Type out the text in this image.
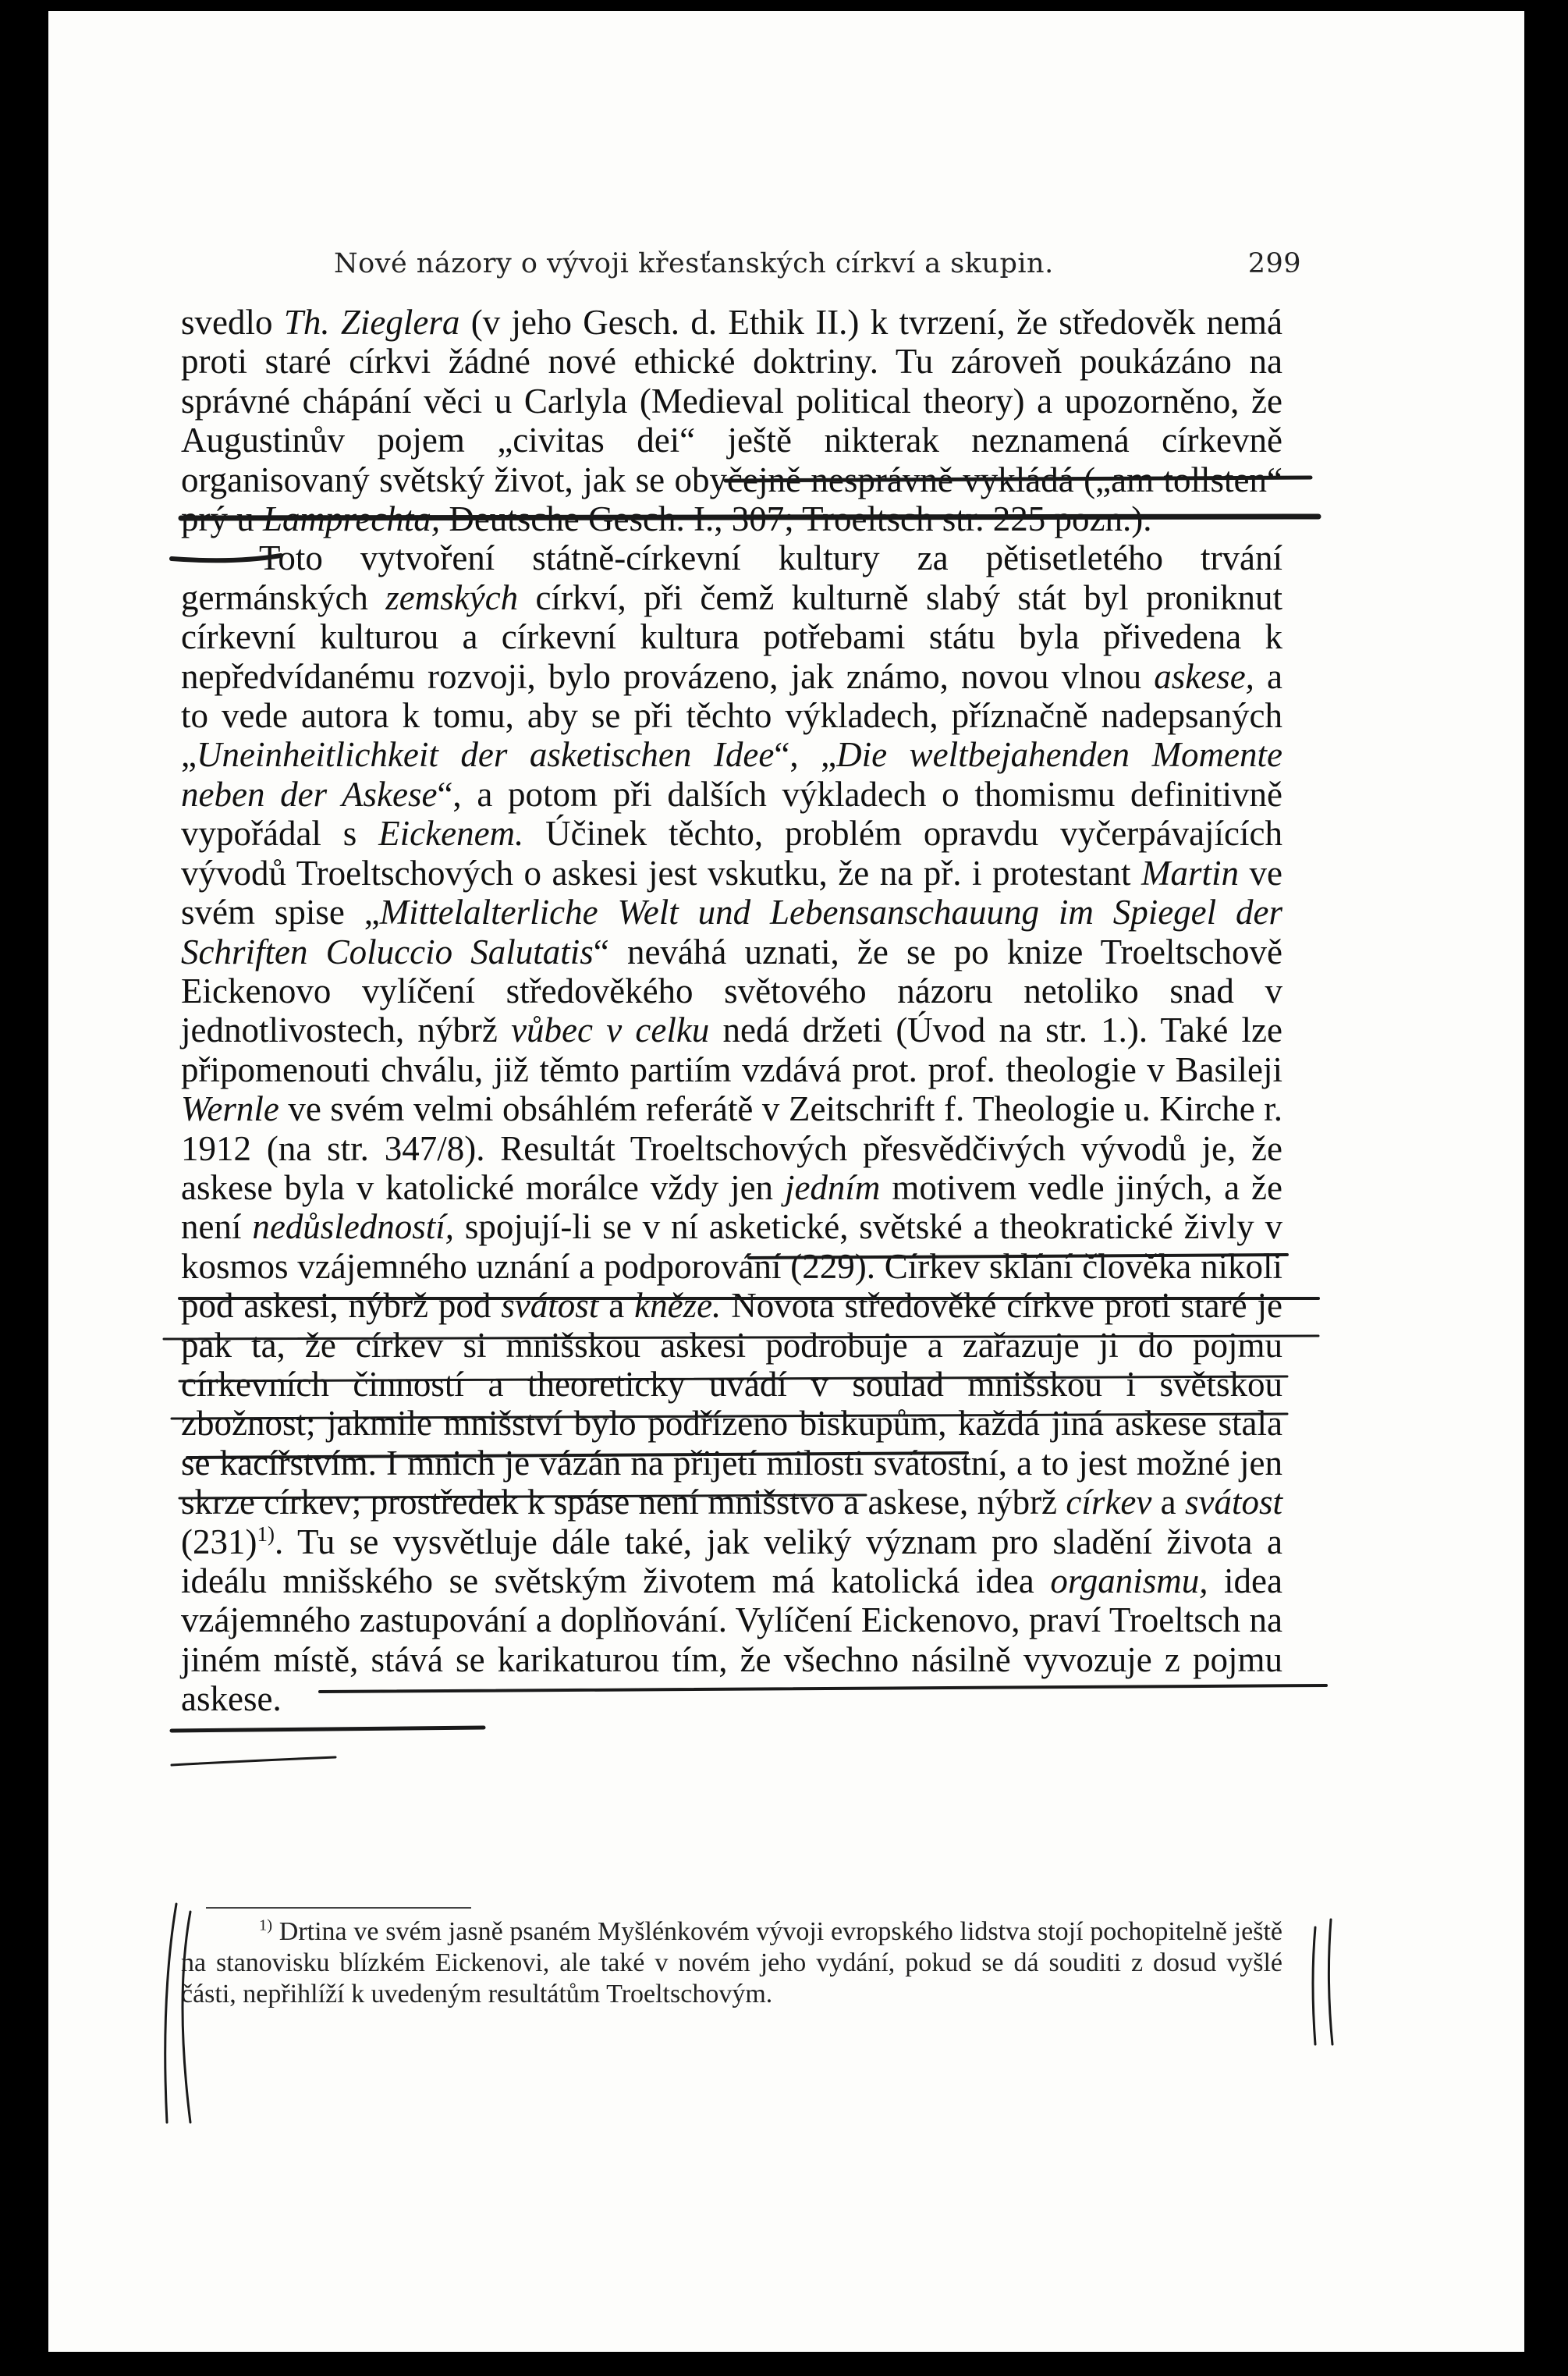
Nové názory o vývoji křesťanských církví a skupin.	299

svedlo Th. Zieglera (v jeho Gesch. d. Ethik II.) k tvrzení, že středověk nemá proti staré církvi žádné nové ethické doktriny. Tu zároveň poukázáno na správné chápání věci u Carlyla (Medieval political theory) a upozorněno, že Augustinův pojem „civitas dei“ ještě nikterak neznamená církevně organisovaný světský život, jak se obyčejně nesprávně vykládá („am tollsten“ prý u Lamprechta, Deutsche Gesch. I., 307; Troeltsch str. 225 pozn.).

Toto vytvoření státně-církevní kultury za pětisetletého trvání germánských zemských církví, při čemž kulturně slabý stát byl proniknut církevní kulturou a církevní kultura potřebami státu byla přivedena k nepředvídanému rozvoji, bylo provázeno, jak známo, novou vlnou askese, a to vede autora k tomu, aby se při těchto výkladech, příznačně nadepsaných „Uneinheitlichkeit der asketischen Idee“, „Die weltbejahenden Momente neben der Askese“, a potom při dalších výkladech o thomismu definitivně vypořádal s Eickenem. Účinek těchto, problém opravdu vyčerpávajících vývodů Troeltschových o askesi jest vskutku, že na př. i protestant Martin ve svém spise „Mittelalterliche Welt und Lebensanschauung im Spiegel der Schriften Coluccio Salutatis“ neváhá uznati, že se po knize Troeltschově Eickenovo vylíčení středověkého světového názoru netoliko snad v jednotlivostech, nýbrž vůbec v celku nedá držeti (Úvod na str. 1.). Také lze připomenouti chválu, již těmto partiím vzdává prot. prof. theologie v Basileji Wernle ve svém velmi obsáhlém referátě v Zeitschrift f. Theologie u. Kirche r. 1912 (na str. 347/8). Resultát Troeltschových přesvědčivých vývodů je, že askese byla v katolické morálce vždy jen jedním motivem vedle jiných, a že není nedůsledností, spojují-li se v ní asketické, světské a theokratické živly v kosmos vzájemného uznání a podporování (229). Církev sklání člověka nikoli pod askesi, nýbrž pod svátost a kněze. Novota středověké církve proti staré je pak ta, že církev si mnišskou askesi podrobuje a zařazuje ji do pojmu církevních činností a theoreticky uvádí v soulad mnišskou i světskou zbožnost; jakmile mnišství bylo podřízeno biskupům, každá jiná askese stala se kacířstvím. I mnich je vázán na přijetí milosti svátostní, a to jest možné jen skrze církev; prostředek k spáse není mnišstvo a askese, nýbrž církev a svátost $(231)^{1)}$. Tu se vysvětluje dále také, jak veliký význam pro sladění života a ideálu mnišského se světským životem má katolická idea organismu, idea vzájemného zastupování a doplňování. Vylíčení Eickenovo, praví Troeltsch na jiném místě, stává se karikaturou tím, že všechno násilně vyvozuje z pojmu askese.

$^{1)}$ Drtina ve svém jasně psaném Myšlénkovém vývoji evropského lidstva stojí pochopitelně ještě na stanovisku blízkém Eickenovi, ale také v novém jeho vydání, pokud se dá souditi z dosud vyšlé části, nepřihlíží k uvedeným resultátům Troeltschovým.
